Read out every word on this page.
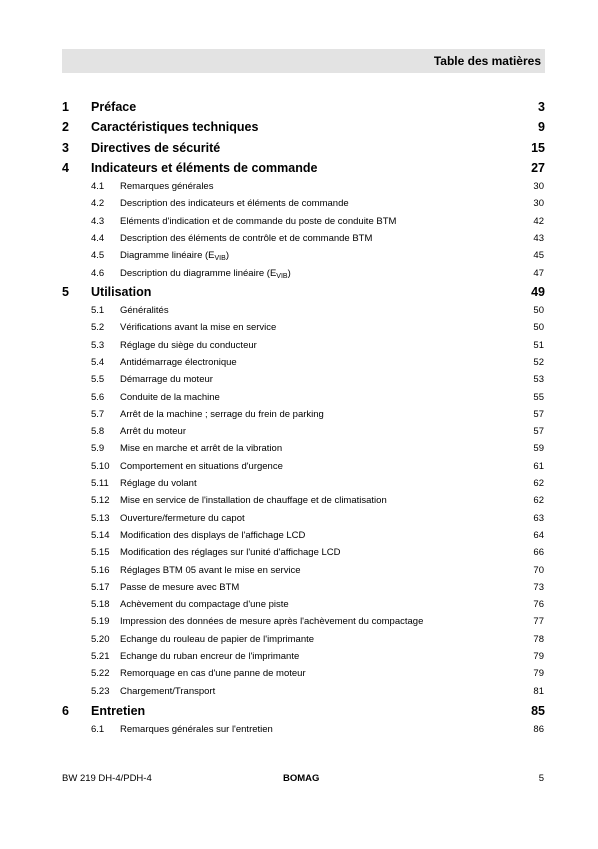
Table des matières
1 Préface	3
2 Caractéristiques techniques	9
3 Directives de sécurité	15
4 Indicateurs et éléments de commande	27
4.1 Remarques générales	30
4.2 Description des indicateurs et éléments de commande	30
4.3 Eléments d'indication et de commande du poste de conduite BTM	42
4.4 Description des éléments de contrôle et de commande BTM	43
4.5 Diagramme linéaire $(E_{VIB})$	45
4.6 Description du diagramme linéaire $(E_{VIB})$	47
5 Utilisation	49
5.1 Généralités	50
5.2 Vérifications avant la mise en service	50
5.3 Réglage du siège du conducteur	51
5.4 Antidémarrage électronique	52
5.5 Démarrage du moteur	53
5.6 Conduite de la machine	55
5.7 Arrêt de la machine ; serrage du frein de parking	57
5.8 Arrêt du moteur	57
5.9 Mise en marche et arrêt de la vibration	59
5.10 Comportement en situations d'urgence	61
5.11 Réglage du volant	62
5.12 Mise en service de l'installation de chauffage et de climatisation	62
5.13 Ouverture/fermeture du capot	63
5.14 Modification des displays de l'affichage LCD	64
5.15 Modification des réglages sur l'unité d'affichage LCD	66
5.16 Réglages BTM 05 avant le mise en service	70
5.17 Passe de mesure avec BTM	73
5.18 Achèvement du compactage d'une piste	76
5.19 Impression des données de mesure après l'achèvement du compactage	77
5.20 Echange du rouleau de papier de l'imprimante	78
5.21 Echange du ruban encreur de l'imprimante	79
5.22 Remorquage en cas d'une panne de moteur	79
5.23 Chargement/Transport	81
6 Entretien	85
6.1 Remarques générales sur l'entretien	86
BW 219 DH-4/PDH-4	BOMAG	5
